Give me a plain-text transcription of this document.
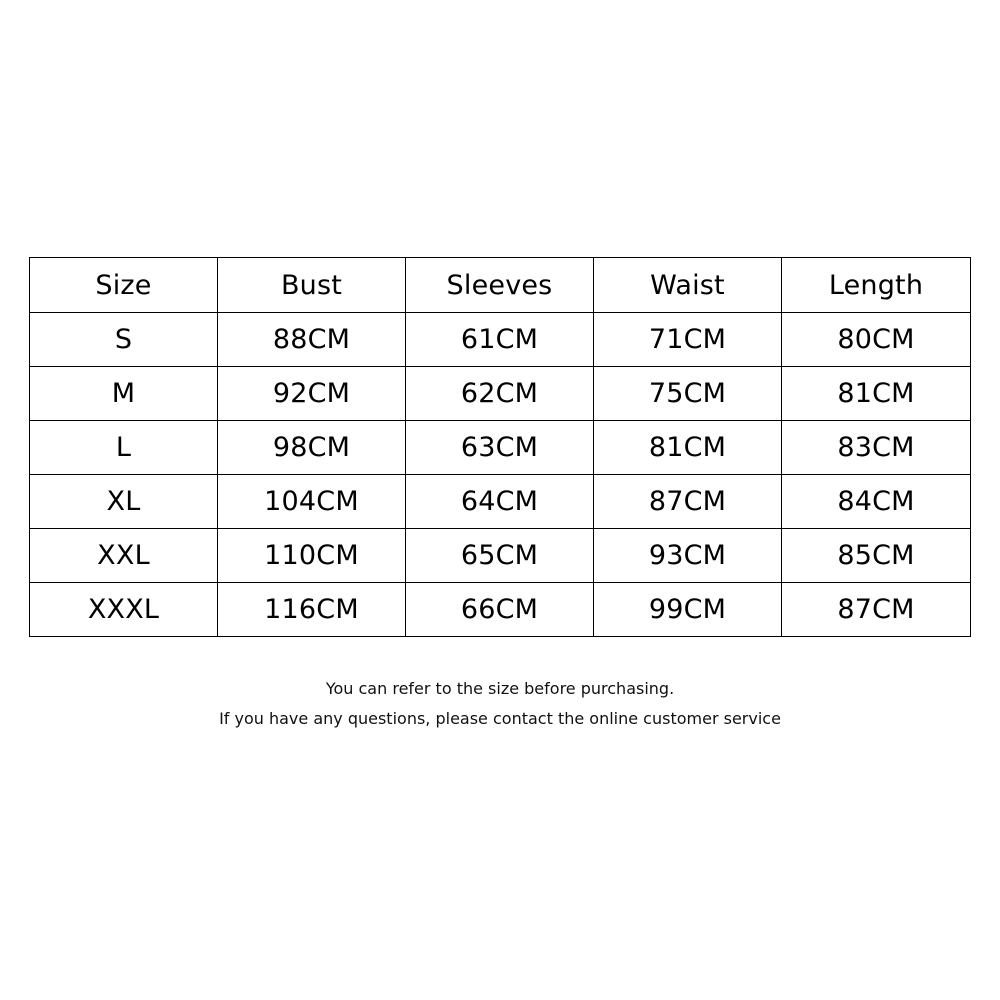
Size	Bust	Sleeves	Waist	Length
S	88CM	61CM	71CM	80CM
M	92CM	62CM	75CM	81CM
L	98CM	63CM	81CM	83CM
XL	104CM	64CM	87CM	84CM
XXL	110CM	65CM	93CM	85CM
XXXL	116CM	66CM	99CM	87CM
You can refer to the size before purchasing.
If you have any questions, please contact the online customer service
